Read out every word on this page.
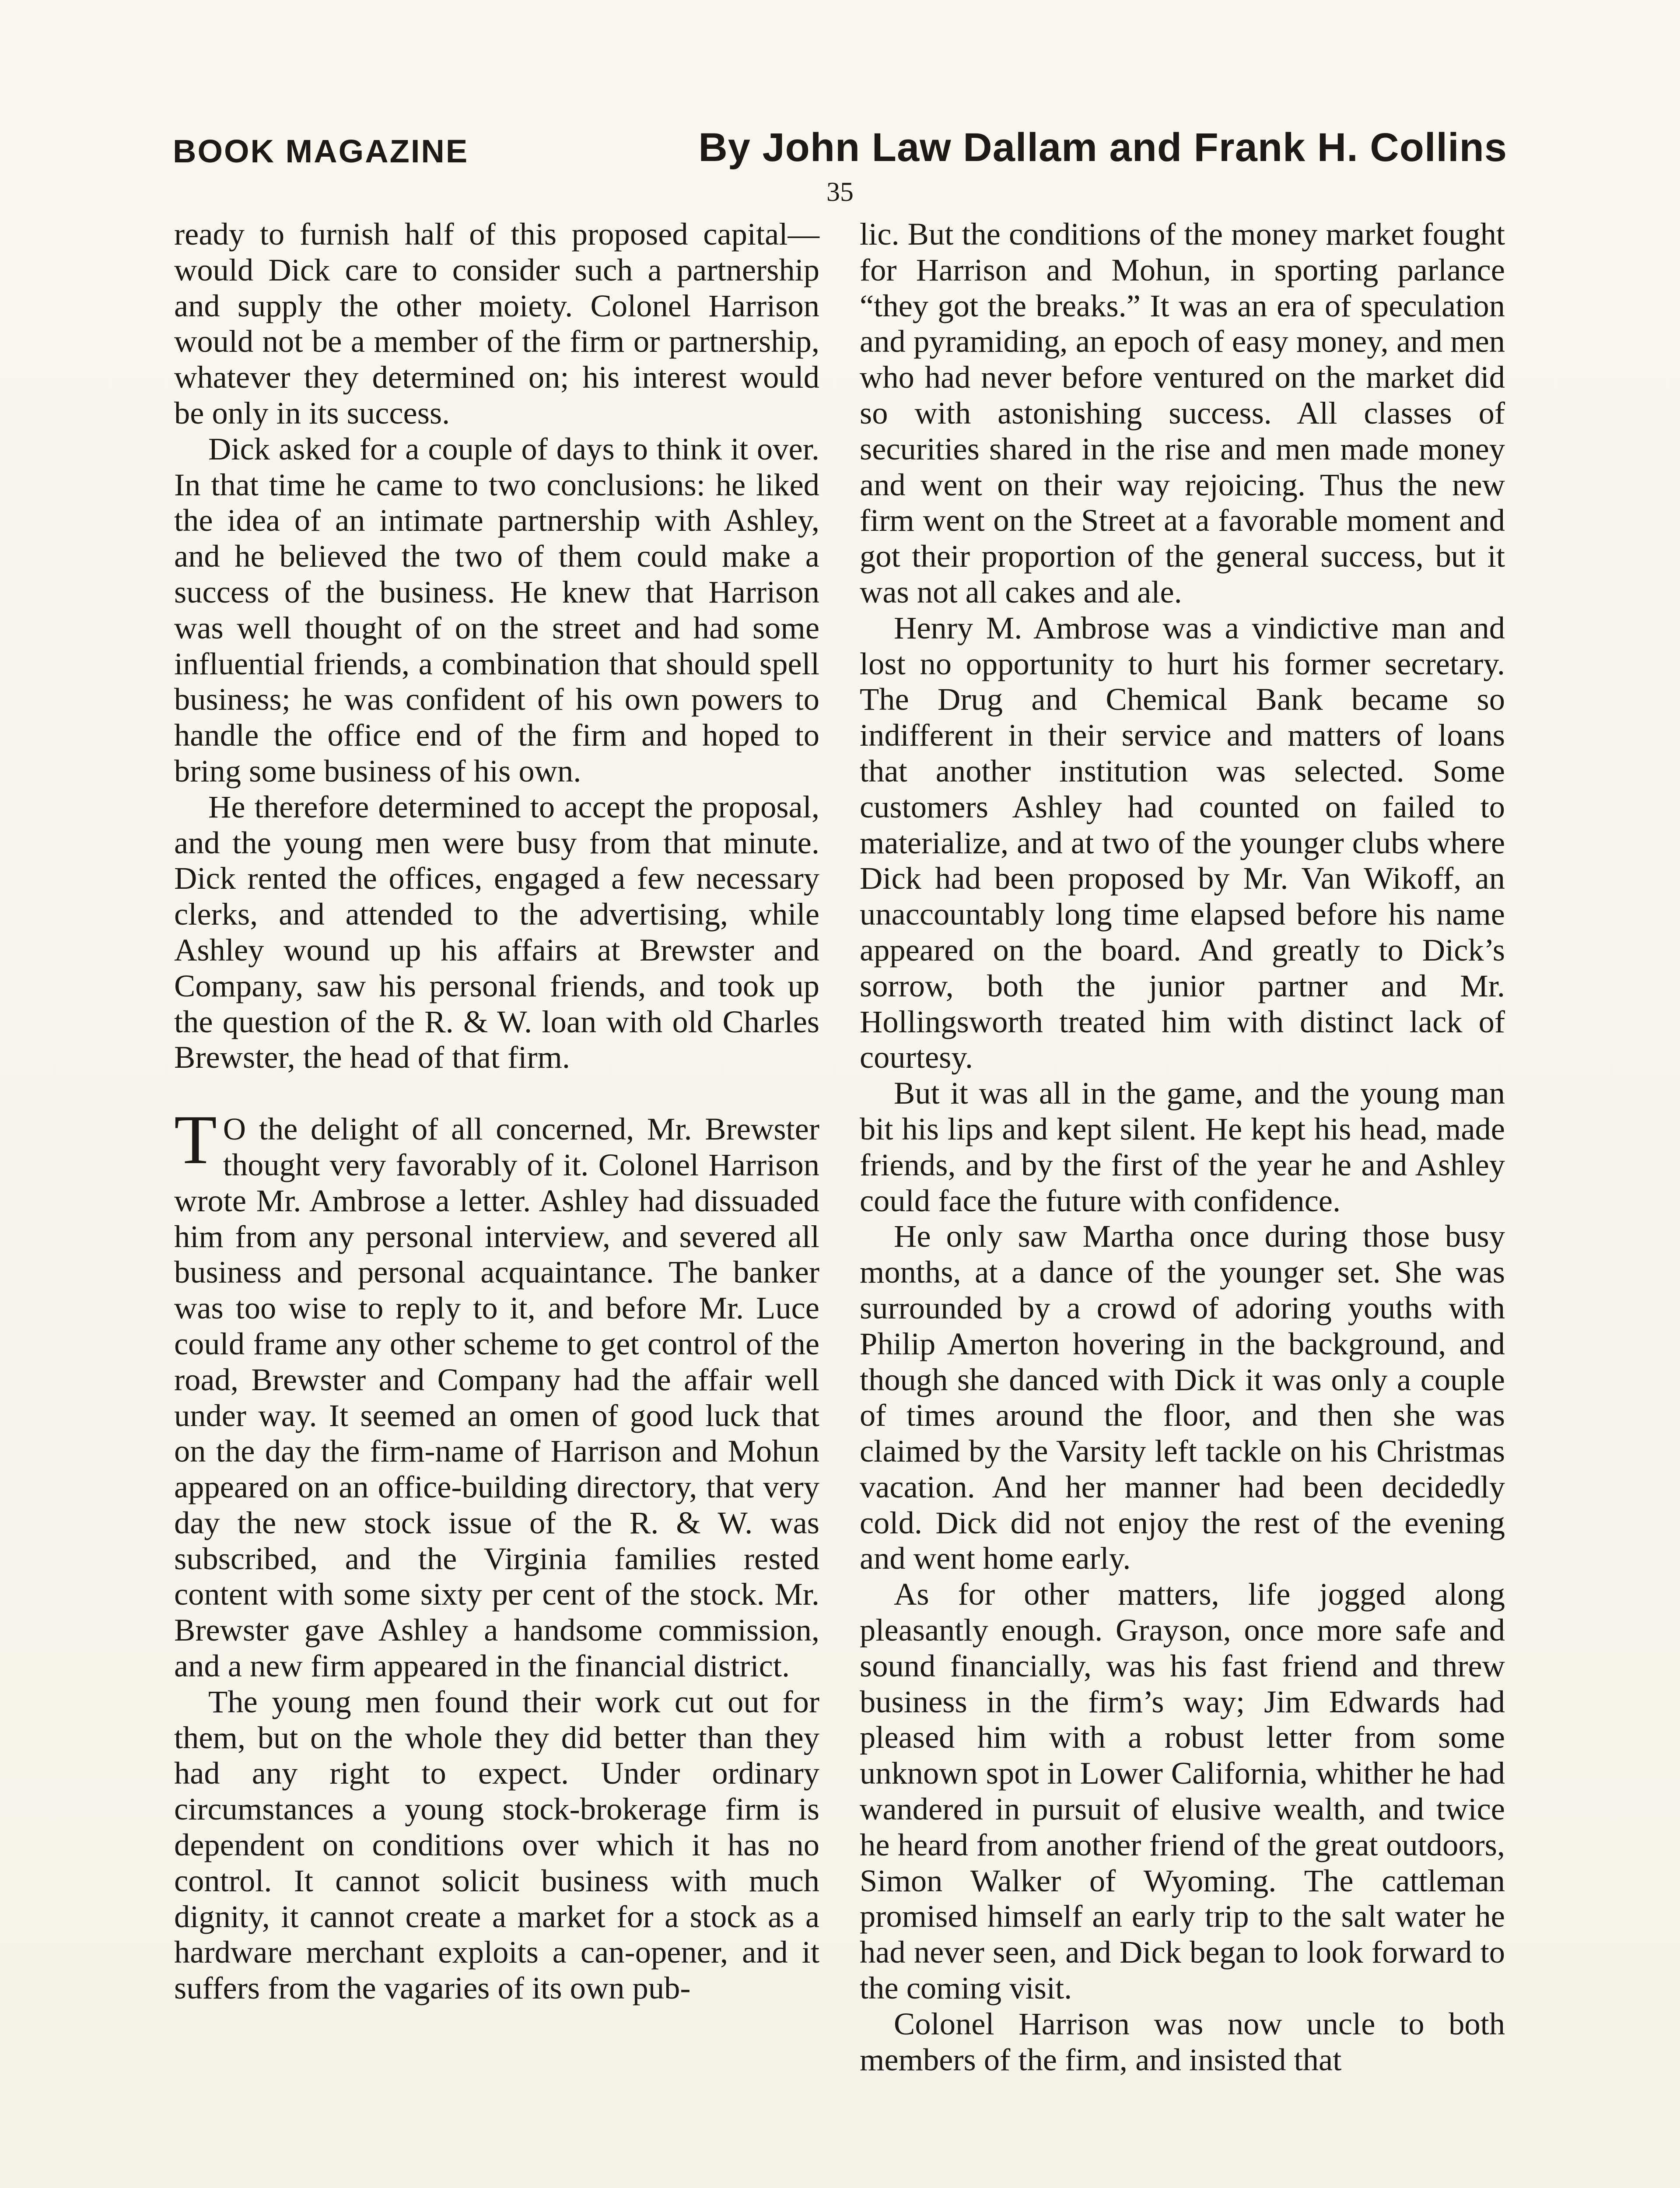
BOOK MAGAZINE	By John Law Dallam and Frank H. Collins
35

ready to furnish half of this proposed capital—would Dick care to consider such a partnership and supply the other moiety. Colonel Harrison would not be a member of the firm or partnership, whatever they determined on; his interest would be only in its success.

Dick asked for a couple of days to think it over. In that time he came to two conclusions: he liked the idea of an intimate partnership with Ashley, and he believed the two of them could make a success of the business. He knew that Harrison was well thought of on the street and had some influential friends, a combination that should spell business; he was confident of his own powers to handle the office end of the firm and hoped to bring some business of his own.

He therefore determined to accept the proposal, and the young men were busy from that minute. Dick rented the offices, engaged a few necessary clerks, and attended to the advertising, while Ashley wound up his affairs at Brewster and Company, saw his personal friends, and took up the question of the R. & W. loan with old Charles Brewster, the head of that firm.

T O the delight of all concerned, Mr. Brewster thought very favorably of it. Colonel Harrison wrote Mr. Ambrose a letter. Ashley had dissuaded him from any personal interview, and severed all business and personal acquaintance. The banker was too wise to reply to it, and before Mr. Luce could frame any other scheme to get control of the road, Brewster and Company had the affair well under way. It seemed an omen of good luck that on the day the firm-name of Harrison and Mohun appeared on an office-building directory, that very day the new stock issue of the R. & W. was subscribed, and the Virginia families rested content with some sixty per cent of the stock. Mr. Brewster gave Ashley a handsome commission, and a new firm appeared in the financial district.

The young men found their work cut out for them, but on the whole they did better than they had any right to expect. Under ordinary circumstances a young stock-brokerage firm is dependent on conditions over which it has no control. It cannot solicit business with much dignity, it cannot create a market for a stock as a hardware merchant exploits a can-opener, and it suffers from the vagaries of its own pub-

lic. But the conditions of the money market fought for Harrison and Mohun, in sporting parlance “they got the breaks.” It was an era of speculation and pyramiding, an epoch of easy money, and men who had never before ventured on the market did so with astonishing success. All classes of securities shared in the rise and men made money and went on their way rejoicing. Thus the new firm went on the Street at a favorable moment and got their proportion of the general success, but it was not all cakes and ale.

Henry M. Ambrose was a vindictive man and lost no opportunity to hurt his former secretary. The Drug and Chemical Bank became so indifferent in their service and matters of loans that another institution was selected. Some customers Ashley had counted on failed to materialize, and at two of the younger clubs where Dick had been proposed by Mr. Van Wikoff, an unaccountably long time elapsed before his name appeared on the board. And greatly to Dick’s sorrow, both the junior partner and Mr. Hollingsworth treated him with distinct lack of courtesy.

But it was all in the game, and the young man bit his lips and kept silent. He kept his head, made friends, and by the first of the year he and Ashley could face the future with confidence.

He only saw Martha once during those busy months, at a dance of the younger set. She was surrounded by a crowd of adoring youths with Philip Amerton hovering in the background, and though she danced with Dick it was only a couple of times around the floor, and then she was claimed by the Varsity left tackle on his Christmas vacation. And her manner had been decidedly cold. Dick did not enjoy the rest of the evening and went home early.

As for other matters, life jogged along pleasantly enough. Grayson, once more safe and sound financially, was his fast friend and threw business in the firm’s way; Jim Edwards had pleased him with a robust letter from some unknown spot in Lower California, whither he had wandered in pursuit of elusive wealth, and twice he heard from another friend of the great outdoors, Simon Walker of Wyoming. The cattleman promised himself an early trip to the salt water he had never seen, and Dick began to look forward to the coming visit.

Colonel Harrison was now uncle to both members of the firm, and insisted that
